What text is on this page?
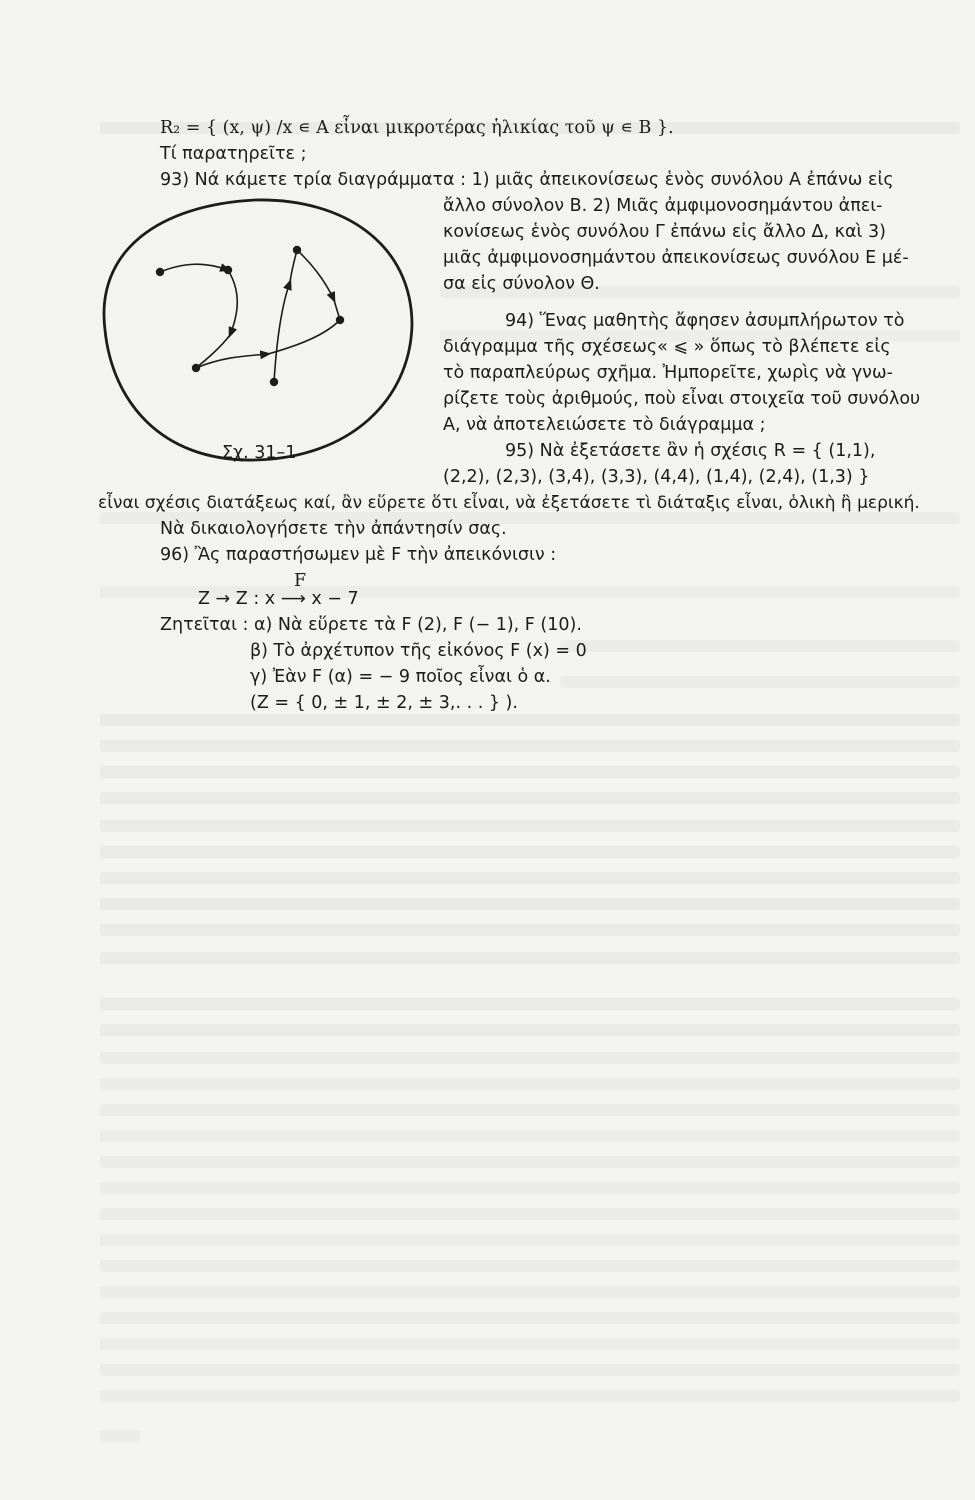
R₂ = { (x, ψ) /x ∊ A εἶναι μικροτέρας ἡλικίας τοῦ ψ ∊ B }.
Τί παρατηρεῖτε ;
93) Νά κάμετε τρία διαγράμματα : 1) μιᾶς ἀπεικονίσεως ἑνὸς συνόλου A ἐπάνω εἰς
ἄλλο σύνολον B. 2) Μιᾶς ἀμφιμονοσημάντου ἀπει-
κονίσεως ἑνὸς συνόλου Γ ἐπάνω εἰς ἄλλο Δ, καὶ 3)
μιᾶς ἀμφιμονοσημάντου ἀπεικονίσεως συνόλου E μέ-
σα εἰς σύνολον Θ.
94) Ἕνας μαθητὴς ἄφησεν ἀσυμπλήρωτον τὸ
διάγραμμα τῆς σχέσεως« ⩽ » ὅπως τὸ βλέπετε εἰς
τὸ παραπλεύρως σχῆμα. Ἠμπορεῖτε, χωρὶς νὰ γνω-
ρίζετε τοὺς ἀριθμούς, ποὺ εἶναι στοιχεῖα τοῦ συνόλου
A, νὰ ἀποτελειώσετε τὸ διάγραμμα ;
95) Νὰ ἐξετάσετε ἂν ἡ σχέσις R = { (1,1),
(2,2), (2,3), (3,4), (3,3), (4,4), (1,4), (2,4), (1,3) }
εἶναι σχέσις διατάξεως καί, ἂν εὕρετε ὅτι εἶναι, νὰ ἐξετάσετε τὶ διάταξις εἶναι, ὁλικὴ ἢ μερική.
Νὰ δικαιολογήσετε τὴν ἀπάντησίν σας.
96) Ἂς παραστήσωμεν μὲ F τὴν ἀπεικόνισιν :
F
Z → Z : x ⟶ x − 7
Ζητεῖται : α) Νὰ εὕρετε τὰ F (2), F (− 1), F (10).
β) Τὸ ἀρχέτυπον τῆς εἰκόνος F (x) = 0
γ) Ἐὰν F (α) = − 9 ποῖος εἶναι ὁ α.
(Z = { 0, ± 1, ± 2, ± 3,. . . } ).
Σχ. 31–1
